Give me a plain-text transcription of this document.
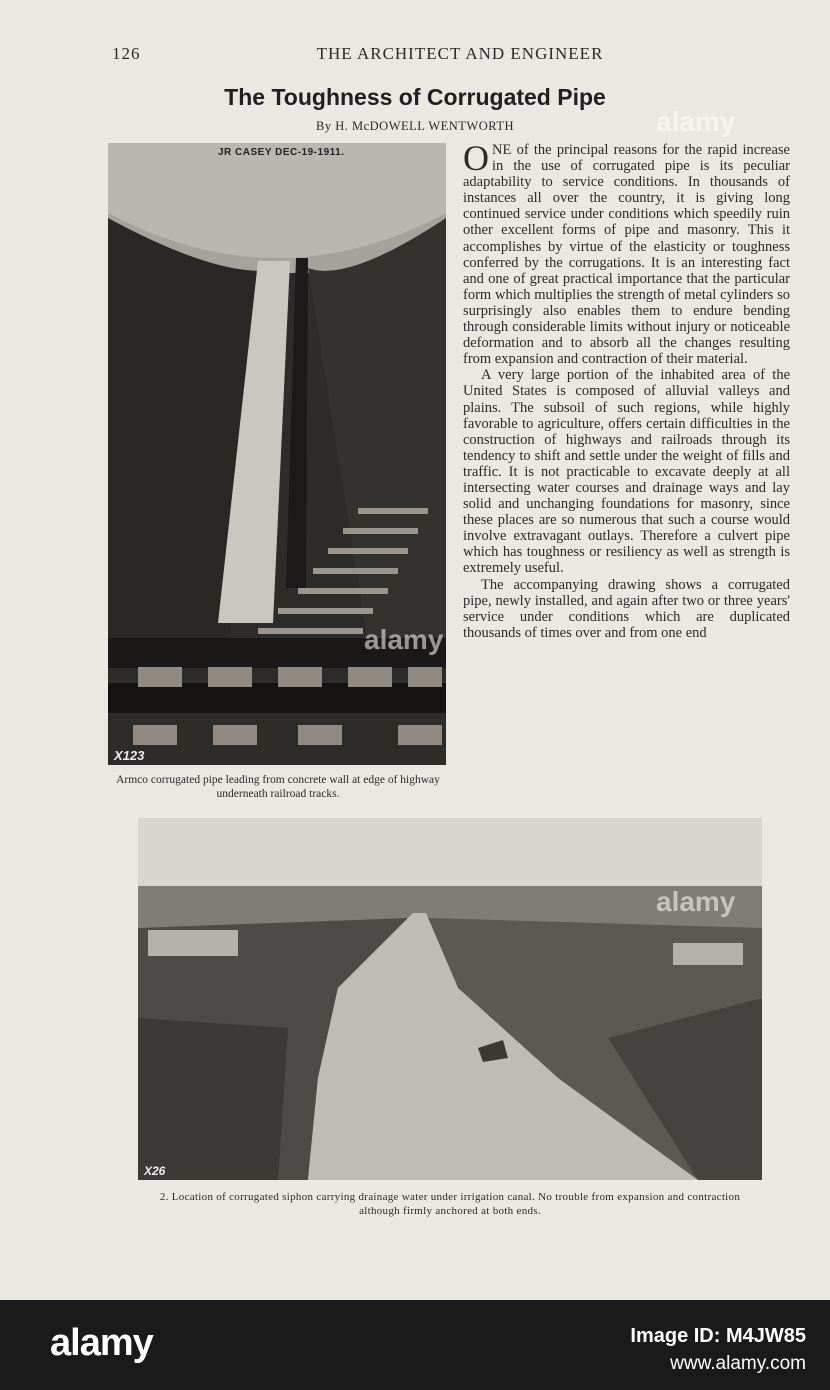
126	THE ARCHITECT AND ENGINEER
The Toughness of Corrugated Pipe
By H. McDOWELL WENTWORTH
JR CASEY DEC-19-1911.
X123
Armco corrugated pipe leading from concrete wall at edge of highway underneath railroad tracks.

ONE of the principal reasons for the rapid increase in the use of corrugated pipe is its peculiar adaptability to service conditions. In thousands of instances all over the country, it is giving long continued service under conditions which speedily ruin other excellent forms of pipe and masonry. This it accomplishes by virtue of the elasticity or toughness conferred by the corrugations. It is an interesting fact and one of great practical importance that the particular form which multiplies the strength of metal cylinders so surprisingly also enables them to endure bending through considerable limits without injury or noticeable deformation and to absorb all the changes resulting from expansion and contraction of their material.

A very large portion of the inhabited area of the United States is composed of alluvial valleys and plains. The subsoil of such regions, while highly favorable to agriculture, offers certain difficulties in the construction of highways and railroads through its tendency to shift and settle under the weight of fills and traffic. It is not practicable to excavate deeply at all intersecting water courses and drainage ways and lay solid and unchanging foundations for masonry, since these places are so numerous that such a course would involve extravagant outlays. Therefore a culvert pipe which has toughness or resiliency as well as strength is extremely useful.

The accompanying drawing shows a corrugated pipe, newly installed, and again after two or three years' service under conditions which are duplicated thousands of times over and from one end

X26
2. Location of corrugated siphon carrying drainage water under irrigation canal. No trouble from expansion and contraction although firmly anchored at both ends.
alamy
alamy
alamy
alamy	Image ID: M4JW85
www.alamy.com
